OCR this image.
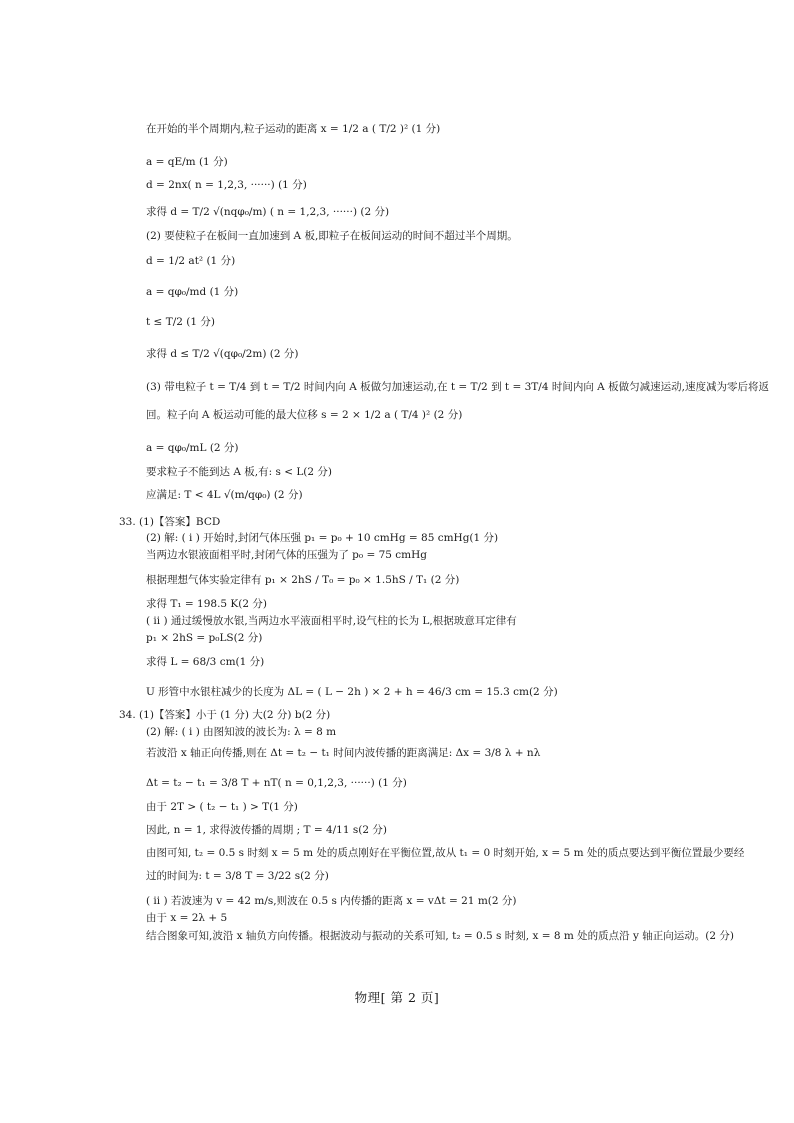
在开始的半个周期内,粒子运动的距离 x = 1/2 a ( T/2 )² (1 分)
a = qE/m (1 分)
d = 2nx( n = 1,2,3, ······) (1 分)
求得 d = T/2 √(nqφ₀/m) ( n = 1,2,3, ······) (2 分)
(2) 要使粒子在板间一直加速到 A 板,即粒子在板间运动的时间不超过半个周期。
d = 1/2 at² (1 分)
a = qφ₀/md (1 分)
t ≤ T/2 (1 分)
求得 d ≤ T/2 √(qφ₀/2m) (2 分)
(3) 带电粒子 t = T/4 到 t = T/2 时间内向 A 板做匀加速运动,在 t = T/2 到 t = 3T/4 时间内向 A 板做匀减速运动,速度减为零后将返
回。粒子向 A 板运动可能的最大位移 s = 2 × 1/2 a ( T/4 )² (2 分)
a = qφ₀/mL (2 分)
要求粒子不能到达 A 板,有: s < L(2 分)
应满足: T < 4L √(m/qφ₀) (2 分)
33. (1)【答案】BCD
(2) 解: ( ⅰ ) 开始时,封闭气体压强 p₁ = p₀ + 10 cmHg = 85 cmHg(1 分)
当两边水银液面相平时,封闭气体的压强为了 p₀ = 75 cmHg
根据理想气体实验定律有 p₁ × 2hS / T₀ = p₀ × 1.5hS / T₁ (2 分)
求得 T₁ = 198.5 K(2 分)
( ⅱ ) 通过缓慢放水银,当两边水平液面相平时,设气柱的长为 L,根据玻意耳定律有
p₁ × 2hS = p₀LS(2 分)
求得 L = 68/3 cm(1 分)
U 形管中水银柱减少的长度为 ΔL = ( L − 2h ) × 2 + h = 46/3 cm = 15.3 cm(2 分)
34. (1)【答案】小于 (1 分) 大(2 分) b(2 分)
(2) 解: ( ⅰ ) 由图知波的波长为: λ = 8 m
若波沿 x 轴正向传播,则在 Δt = t₂ − t₁ 时间内波传播的距离满足: Δx = 3/8 λ + nλ
Δt = t₂ − t₁ = 3/8 T + nT( n = 0,1,2,3, ······) (1 分)
由于 2T > ( t₂ − t₁ ) > T(1 分)
因此, n = 1, 求得波传播的周期 ; T = 4/11 s(2 分)
由图可知, t₂ = 0.5 s 时刻 x = 5 m 处的质点刚好在平衡位置,故从 t₁ = 0 时刻开始, x = 5 m 处的质点要达到平衡位置最少要经
过的时间为: t = 3/8 T = 3/22 s(2 分)
( ⅱ ) 若波速为 v = 42 m/s,则波在 0.5 s 内传播的距离 x = vΔt = 21 m(2 分)
由于 x = 2λ + 5
结合图象可知,波沿 x 轴负方向传播。根据波动与振动的关系可知, t₂ = 0.5 s 时刻, x = 8 m 处的质点沿 y 轴正向运动。(2 分)
物理[ 第 2 页]
